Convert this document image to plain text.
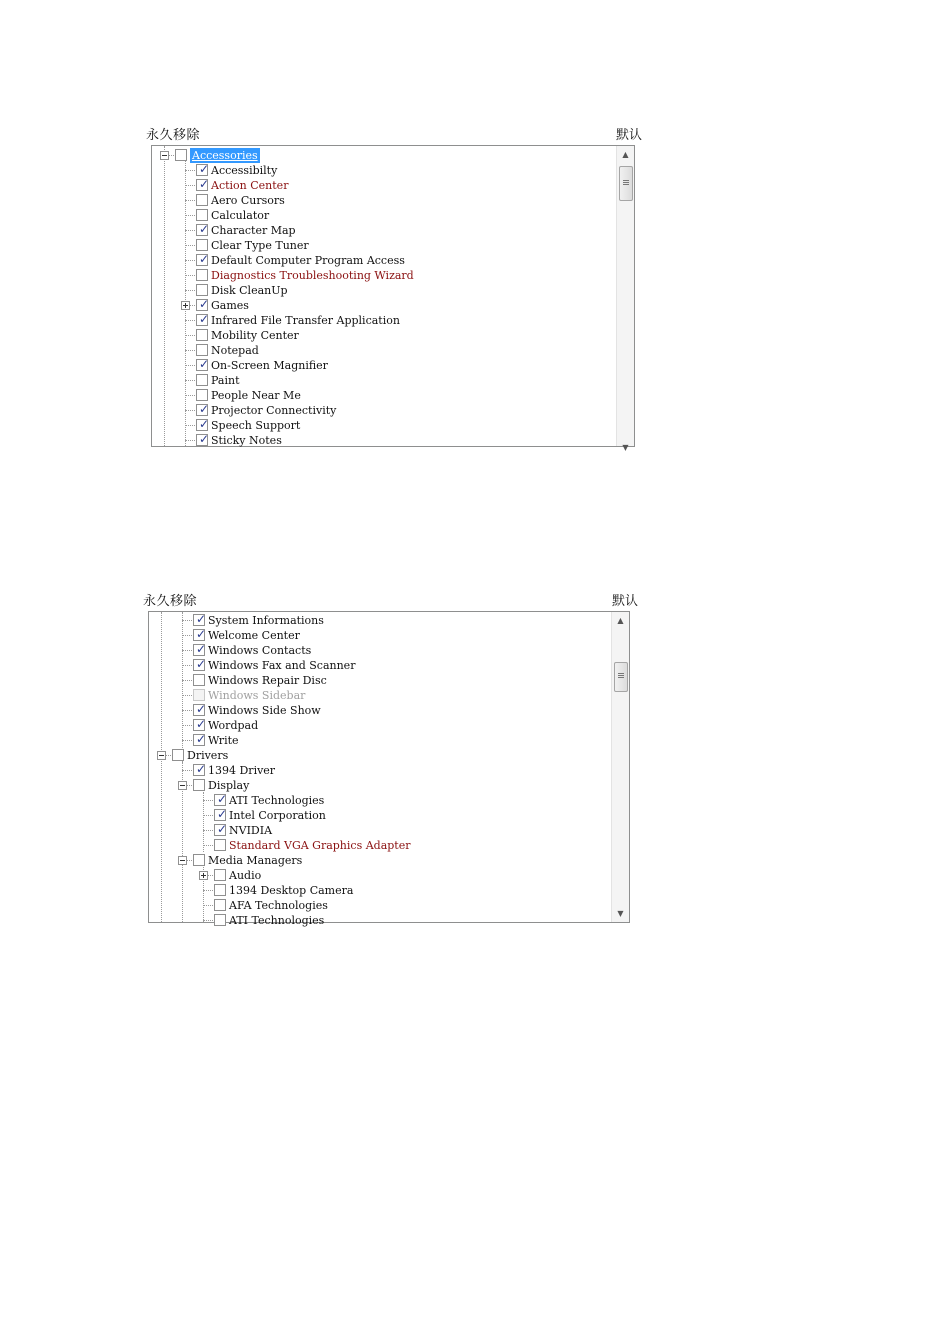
永久移除	默认
Accessories
✓ Accessibilty
✓ Action Center
Aero Cursors
Calculator
✓ Character Map
Clear Type Tuner
✓ Default Computer Program Access
Diagnostics Troubleshooting Wizard
Disk CleanUp
✓ Games
✓ Infrared File Transfer Application
Mobility Center
Notepad
✓ On-Screen Magnifier
Paint
People Near Me
✓ Projector Connectivity
✓ Speech Support
✓ Sticky Notes
▲
▼
永久移除	默认
✓ System Informations
✓ Welcome Center
✓ Windows Contacts
✓ Windows Fax and Scanner
Windows Repair Disc
Windows Sidebar
✓ Windows Side Show
✓ Wordpad
✓ Write
Drivers
✓ 1394 Driver
Display
✓ ATI Technologies
✓ Intel Corporation
✓ NVIDIA
Standard VGA Graphics Adapter
Media Managers
Audio
1394 Desktop Camera
AFA Technologies
ATI Technologies
▲
▼
